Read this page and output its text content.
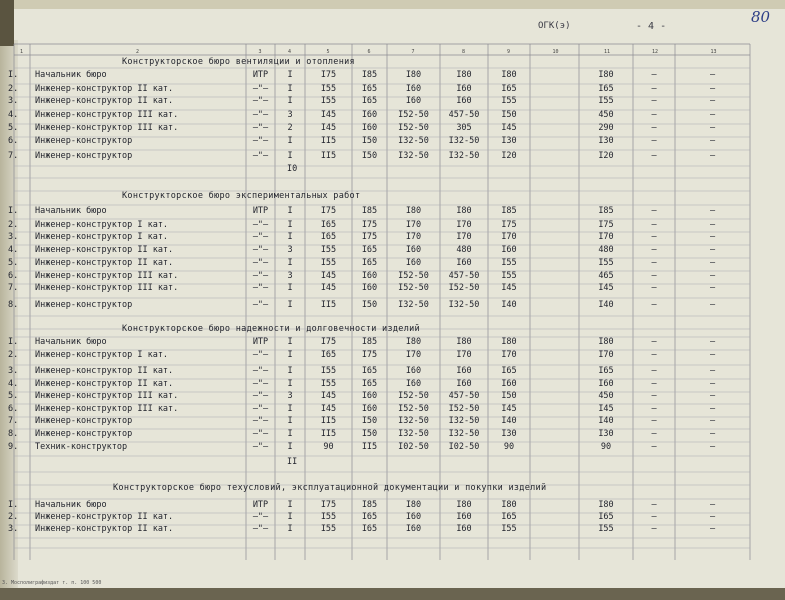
ОГК(э)	- 4 -
80
1	2	3	4	5	6	7	8	9	10	11	12	13
Конструкторское бюро вентиляции и отопления
I. Начальник бюро	ИТР	I	I75	I85	I80	I80	I80	I80	–	–
2. Инженер-конструктор II кат.	–"–	I	I55	I65	I60	I60	I65	I65	–	–
3. Инженер-конструктор II кат.	–"–	I	I55	I65	I60	I60	I55	I55	–	–
4. Инженер-конструктор III кат.	–"–	3	I45	I60	I52-50	457-50	I50	450	–	–
5. Инженер-конструктор III кат.	–"–	2	I45	I60	I52-50	305	I45	290	–	–
6. Инженер-конструктор	–"–	I	II5	I50	I32-50	I32-50	I30	I30	–	–
7. Инженер-конструктор	–"–	I	II5	I50	I32-50	I32-50	I20	I20	–	–
I0
Конструкторское бюро экспериментальных работ
I. Начальник бюро	ИТР	I	I75	I85	I80	I80	I85	I85	–	–
2. Инженер-конструктор I кат.	–"–	I	I65	I75	I70	I70	I75	I75	–	–
3. Инженер-конструктор I кат.	–"–	I	I65	I75	I70	I70	I70	I70	–	–
4. Инженер-конструктор II кат.	–"–	3	I55	I65	I60	480	I60	480	–	–
5. Инженер-конструктор II кат.	–"–	I	I55	I65	I60	I60	I55	I55	–	–
6. Инженер-конструктор III кат.	–"–	3	I45	I60	I52-50	457-50	I55	465	–	–
7. Инженер-конструктор III кат.	–"–	I	I45	I60	I52-50	I52-50	I45	I45	–	–
8. Инженер-конструктор	–"–	I	II5	I50	I32-50	I32-50	I40	I40	–	–
Конструкторское бюро надежности и долговечности изделий
I. Начальник бюро	ИТР	I	I75	I85	I80	I80	I80	I80	–	–
2. Инженер-конструктор I кат.	–"–	I	I65	I75	I70	I70	I70	I70	–	–
3. Инженер-конструктор II кат.	–"–	I	I55	I65	I60	I60	I65	I65	–	–
4. Инженер-конструктор II кат.	–"–	I	I55	I65	I60	I60	I60	I60	–	–
5. Инженер-конструктор III кат.	–"–	3	I45	I60	I52-50	457-50	I50	450	–	–
6. Инженер-конструктор III кат.	–"–	I	I45	I60	I52-50	I52-50	I45	I45	–	–
7. Инженер-конструктор	–"–	I	II5	I50	I32-50	I32-50	I40	I40	–	–
8. Инженер-конструктор	–"–	I	II5	I50	I32-50	I32-50	I30	I30	–	–
9. Техник-конструктор	–"–	I	90	II5	I02-50	I02-50	90	90	–	–
II
Конструкторское бюро техусловий, эксплуатационной документации и покупки изделий
I. Начальник бюро	ИТР	I	I75	I85	I80	I80	I80	I80	–	–
2. Инженер-конструктор II кат.	–"–	I	I55	I65	I60	I60	I65	I65	–	–
3. Инженер-конструктор II кат.	–"–	I	I55	I65	I60	I60	I55	I55	–	–
3. Мосполиграфиздат т. п. 100 500
